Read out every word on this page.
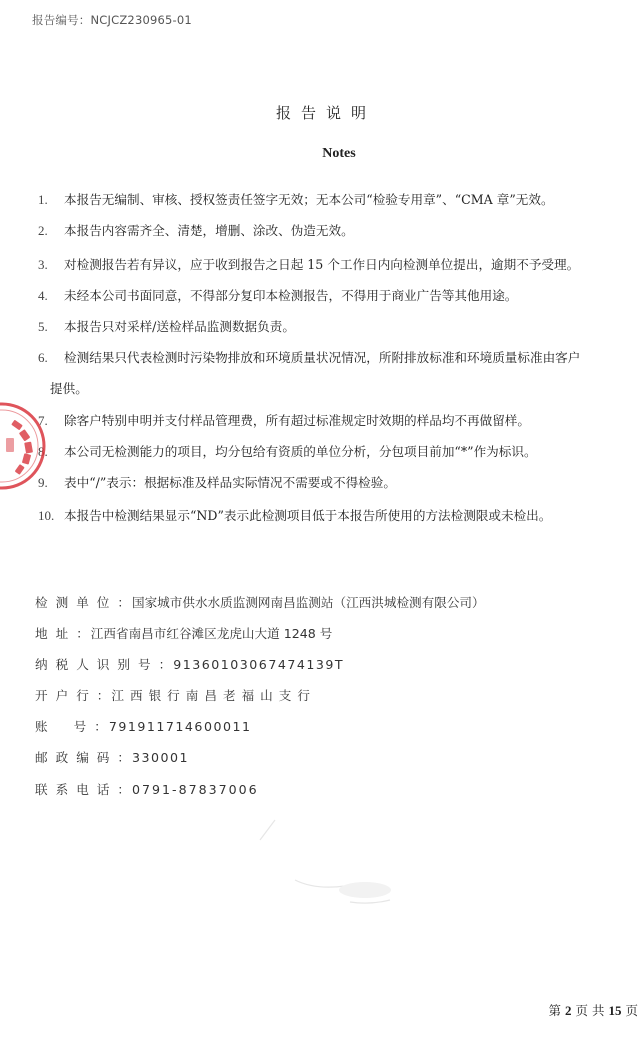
报告编号：NCJCZ230965-01
报告说明
Notes
1. 本报告无编制、审核、授权签责任签字无效；无本公司“检验专用章”、“CMA 章”无效。
2. 本报告内容需齐全、清楚，增删、涂改、伪造无效。
3. 对检测报告若有异议，应于收到报告之日起 15 个工作日内向检测单位提出，逾期不予受理。
4. 未经本公司书面同意，不得部分复印本检测报告，不得用于商业广告等其他用途。
5. 本报告只对采样/送检样品监测数据负责。
6. 检测结果只代表检测时污染物排放和环境质量状况情况，所附排放标准和环境质量标准由客户
提供。
7. 除客户特别申明并支付样品管理费，所有超过标准规定时效期的样品均不再做留样。
8. 本公司无检测能力的项目，均分包给有资质的单位分析，分包项目前加“*”作为标识。
9. 表中“/”表示：根据标准及样品实际情况不需要或不得检验。
10. 本报告中检测结果显示“ND”表示此检测项目低于本报告所使用的方法检测限或未检出。
检 测 单 位 ：国家城市供水水质监测网南昌监测站（江西洪城检测有限公司）
地 址 ：江西省南昌市红谷滩区龙虎山大道 1248 号
纳 税 人 识 别 号 ：91360103067474139T
开 户 行 ：江 西 银 行 南 昌 老 福 山 支 行
账    号 ：791911714600011
邮 政 编 码 ：330001
联 系 电 话 ：0791-87837006
第 2 页 共 15 页
